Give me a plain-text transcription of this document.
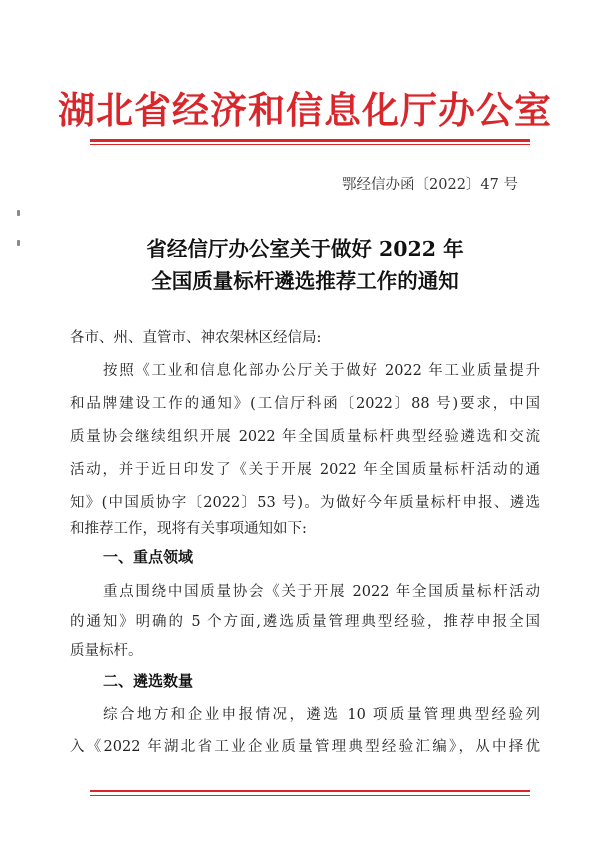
湖北省经济和信息化厅办公室
鄂经信办函〔2022〕47 号
省经信厅办公室关于做好 2022 年
全国质量标杆遴选推荐工作的通知
各市、州、直管市、神农架林区经信局:
按照《工业和信息化部办公厅关于做好 2022 年工业质量提升
和品牌建设工作的通知》(工信厅科函〔2022〕88 号)要求，中国
质量协会继续组织开展 2022 年全国质量标杆典型经验遴选和交流
活动，并于近日印发了《关于开展 2022 年全国质量标杆活动的通
知》(中国质协字〔2022〕53 号)。为做好今年质量标杆申报、遴选
和推荐工作，现将有关事项通知如下:
一、重点领域
重点围绕中国质量协会《关于开展 2022 年全国质量标杆活动
的通知》明确的 5 个方面,遴选质量管理典型经验，推荐申报全国
质量标杆。
二、遴选数量
综合地方和企业申报情况，遴选 10 项质量管理典型经验列
入《2022 年湖北省工业企业质量管理典型经验汇编》，从中择优
